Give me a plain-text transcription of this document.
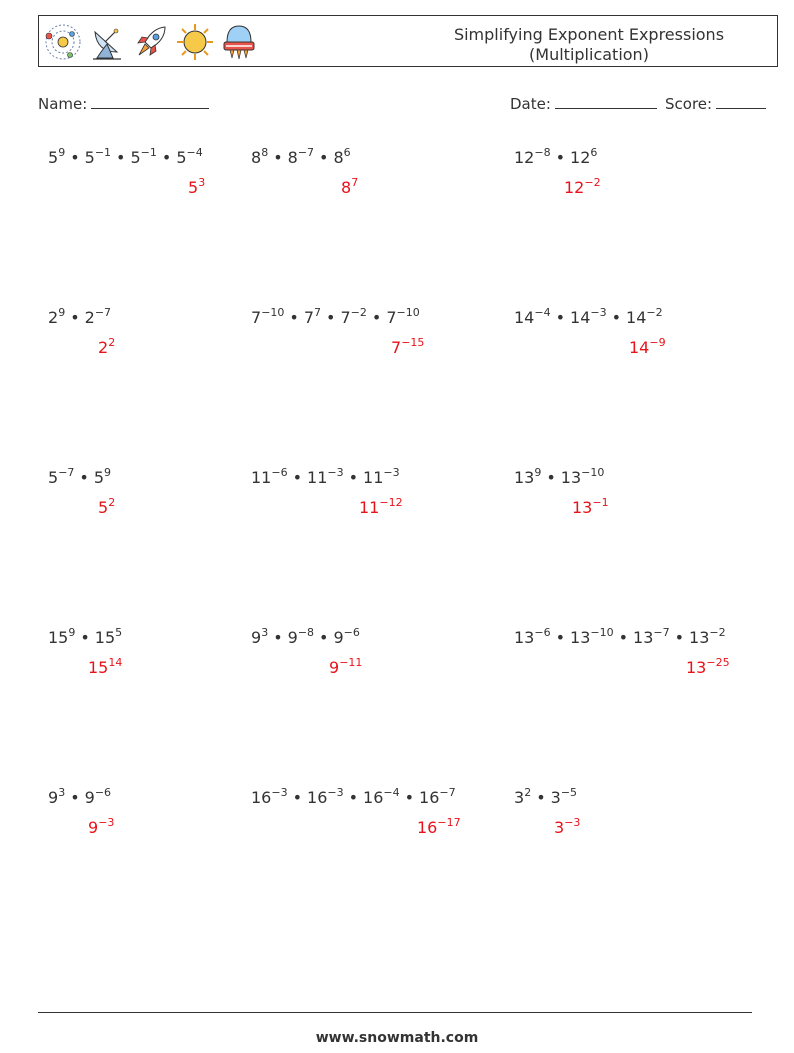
Simplifying Exponent Expressions
(Multiplication)
Name:	Date:	Score:
$5^9$ • $5^{-1}$ • $5^{-1}$ • $5^{-4}$
$5^3$
$8^8$ • $8^{-7}$ • $8^6$
$8^7$
$12^{-8}$ • $12^6$
$12^{-2}$
$2^9$ • $2^{-7}$
$2^2$
$7^{-10}$ • $7^7$ • $7^{-2}$ • $7^{-10}$
$7^{-15}$
$14^{-4}$ • $14^{-3}$ • $14^{-2}$
$14^{-9}$
$5^{-7}$ • $5^9$
$5^2$
$11^{-6}$ • $11^{-3}$ • $11^{-3}$
$11^{-12}$
$13^9$ • $13^{-10}$
$13^{-1}$
$15^9$ • $15^5$
$15^{14}$
$9^3$ • $9^{-8}$ • $9^{-6}$
$9^{-11}$
$13^{-6}$ • $13^{-10}$ • $13^{-7}$ • $13^{-2}$
$13^{-25}$
$9^3$ • $9^{-6}$
$9^{-3}$
$16^{-3}$ • $16^{-3}$ • $16^{-4}$ • $16^{-7}$
$16^{-17}$
$3^2$ • $3^{-5}$
$3^{-3}$
www.snowmath.com
